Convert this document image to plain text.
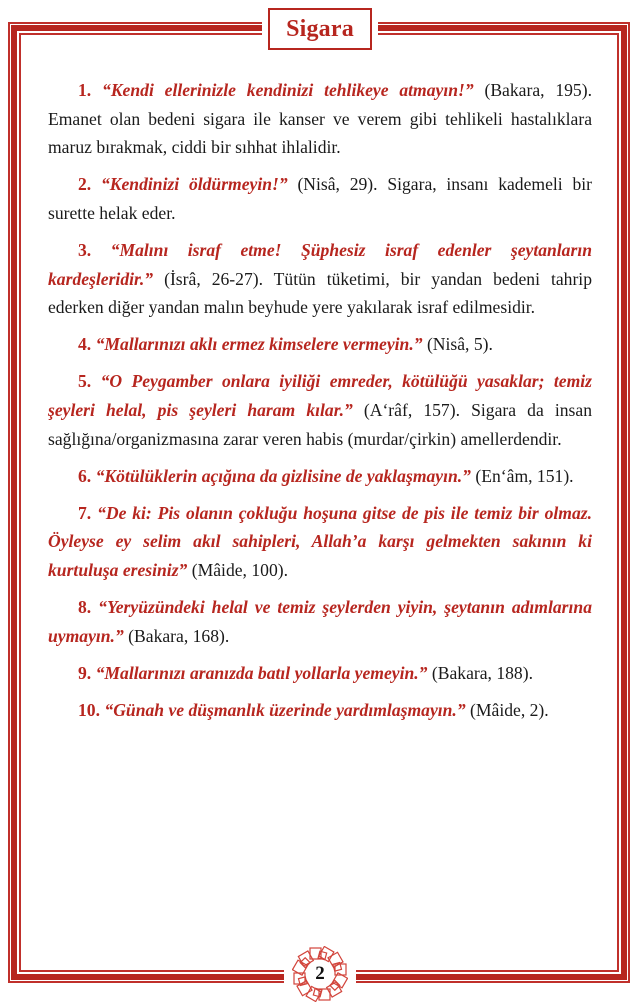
Sigara

1. “Kendi ellerinizle kendinizi tehlikeye atmayın!” (Bakara, 195). Emanet olan bedeni sigara ile kanser ve verem gibi tehlikeli hastalıklara maruz bırakmak, ciddi bir sıhhat ihlalidir.

2. “Kendinizi öldürmeyin!” (Nisâ, 29). Sigara, insanı kademeli bir surette helak eder.

3. “Malını israf etme! Şüphesiz israf edenler şeytanların kardeşleridir.” (İsrâ, 26-27). Tütün tüketimi, bir yandan bedeni tahrip ederken diğer yandan malın beyhude yere yakılarak israf edilmesidir.

4. “Mallarınızı aklı ermez kimselere vermeyin.” (Nisâ, 5).

5. “O Peygamber onlara iyiliği emreder, kötülüğü yasaklar; temiz şeyleri helal, pis şeyleri haram kılar.” (A‘râf, 157). Sigara da insan sağlığına/organizmasına zarar veren habis (murdar/çirkin) amellerdendir.

6. “Kötülüklerin açığına da gizlisine de yaklaşmayın.” (En‘âm, 151).

7. “De ki: Pis olanın çokluğu hoşuna gitse de pis ile temiz bir olmaz. Öyleyse ey selim akıl sahipleri, Allah’a karşı gelmekten sakının ki kurtuluşa eresiniz” (Mâide, 100).

8. “Yeryüzündeki helal ve temiz şeylerden yiyin, şeytanın adımlarına uymayın.” (Bakara, 168).

9. “Mallarınızı aranızda batıl yollarla yemeyin.” (Bakara, 188).

10. “Günah ve düşmanlık üzerinde yardımlaşmayın.” (Mâide, 2).

2
